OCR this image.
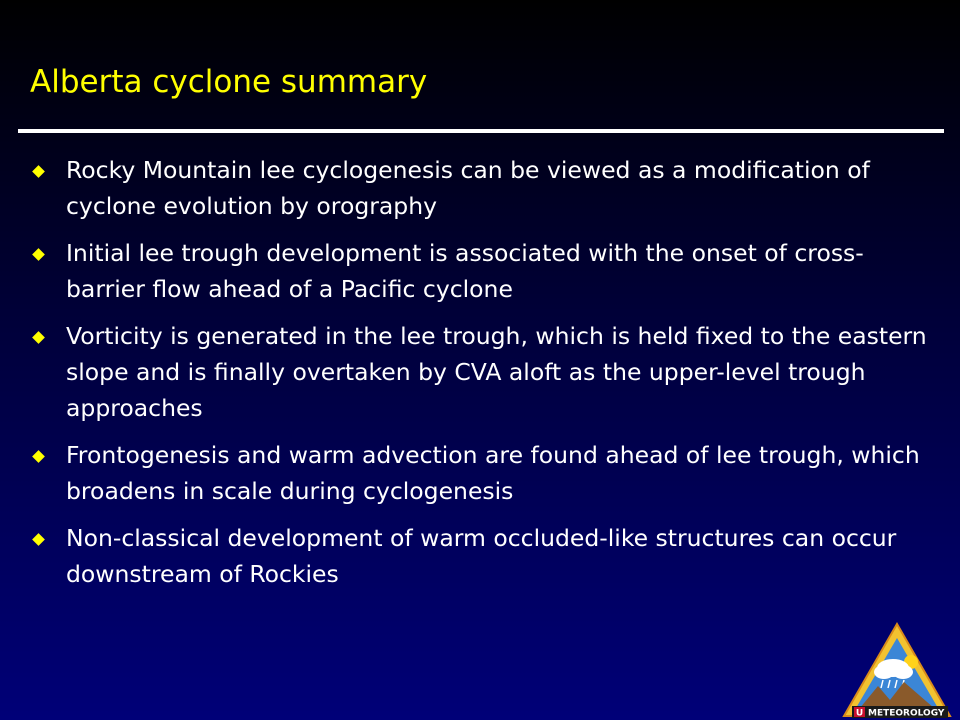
Alberta cyclone summary
Rocky Mountain lee cyclogenesis can be viewed as a modification of cyclone evolution by orography
Initial lee trough development is associated with the onset of cross-barrier flow ahead of a Pacific cyclone
Vorticity is generated in the lee trough, which is held fixed to the eastern slope and is finally overtaken by CVA aloft as the upper-level trough approaches
Frontogenesis and warm advection are found ahead of lee trough, which broadens in scale during cyclogenesis
Non-classical development of warm occluded-like structures can occur downstream of Rockies
U METEOROLOGY
